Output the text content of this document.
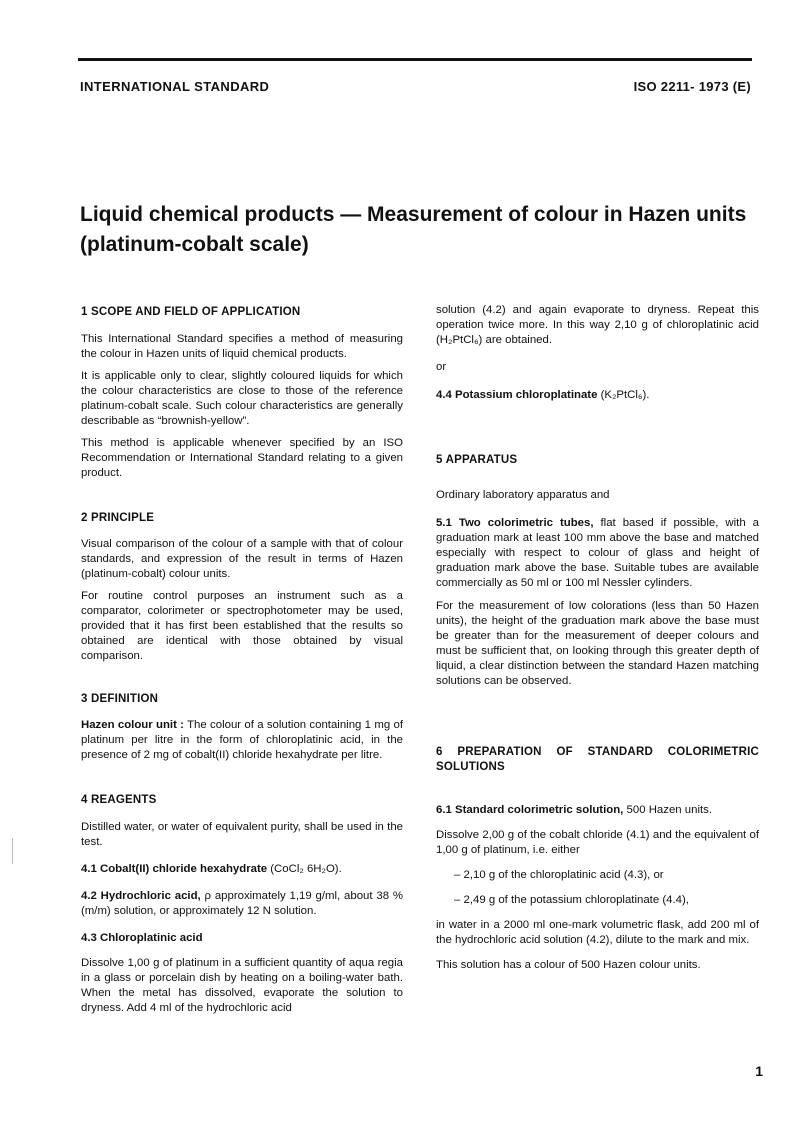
INTERNATIONAL STANDARD	ISO 2211- 1973 (E)
Liquid chemical products — Measurement of colour in Hazen units (platinum-cobalt scale)

1 SCOPE AND FIELD OF APPLICATION

This International Standard specifies a method of measuring the colour in Hazen units of liquid chemical products.

It is applicable only to clear, slightly coloured liquids for which the colour characteristics are close to those of the reference platinum-cobalt scale. Such colour characteristics are generally describable as “brownish-yellow”.

This method is applicable whenever specified by an ISO Recommendation or International Standard relating to a given product.

2 PRINCIPLE

Visual comparison of the colour of a sample with that of colour standards, and expression of the result in terms of Hazen (platinum-cobalt) colour units.

For routine control purposes an instrument such as a comparator, colorimeter or spectrophotometer may be used, provided that it has first been established that the results so obtained are identical with those obtained by visual comparison.

3 DEFINITION

Hazen colour unit : The colour of a solution containing 1 mg of platinum per litre in the form of chloroplatinic acid, in the presence of 2 mg of cobalt(II) chloride hexahydrate per litre.

4 REAGENTS

Distilled water, or water of equivalent purity, shall be used in the test.

4.1 Cobalt(II) chloride hexahydrate (CoCl₂ 6H₂O).

4.2 Hydrochloric acid, ρ approximately 1,19 g/ml, about 38 % (m/m) solution, or approximately 12 N solution.

4.3 Chloroplatinic acid

Dissolve 1,00 g of platinum in a sufficient quantity of aqua regia in a glass or porcelain dish by heating on a boiling-water bath. When the metal has dissolved, evaporate the solution to dryness. Add 4 ml of the hydrochloric acid

solution (4.2) and again evaporate to dryness. Repeat this operation twice more. In this way 2,10 g of chloroplatinic acid (H₂PtCl₆) are obtained.

or

4.4 Potassium chloroplatinate (K₂PtCl₆).

5 APPARATUS

Ordinary laboratory apparatus and

5.1 Two colorimetric tubes, flat based if possible, with a graduation mark at least 100 mm above the base and matched especially with respect to colour of glass and height of graduation mark above the base. Suitable tubes are available commercially as 50 ml or 100 ml Nessler cylinders.

For the measurement of low colorations (less than 50 Hazen units), the height of the graduation mark above the base must be greater than for the measurement of deeper colours and must be sufficient that, on looking through this greater depth of liquid, a clear distinction between the standard Hazen matching solutions can be observed.

6 PREPARATION OF STANDARD COLORIMETRIC SOLUTIONS

6.1 Standard colorimetric solution, 500 Hazen units.

Dissolve 2,00 g of the cobalt chloride (4.1) and the equivalent of 1,00 g of platinum, i.e. either

– 2,10 g of the chloroplatinic acid (4.3), or

– 2,49 g of the potassium chloroplatinate (4.4),

in water in a 2000 ml one-mark volumetric flask, add 200 ml of the hydrochloric acid solution (4.2), dilute to the mark and mix.

This solution has a colour of 500 Hazen colour units.

1
